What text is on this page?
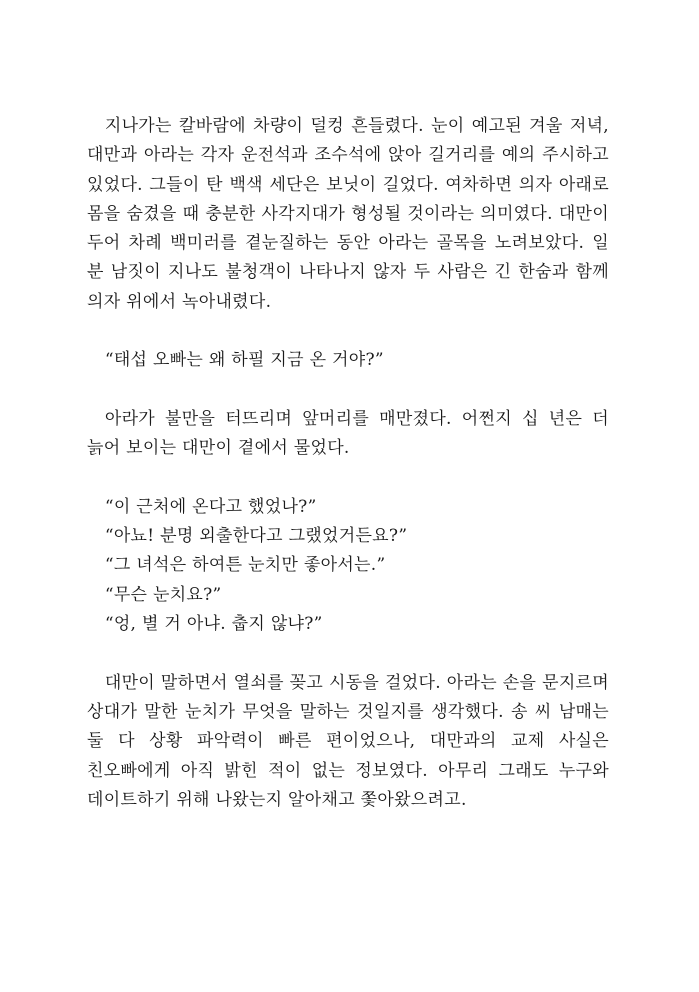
지나가는 칼바람에 차량이 덜컹 흔들렸다. 눈이 예고된 겨울 저녁, 대만과 아라는 각자 운전석과 조수석에 앉아 길거리를 예의 주시하고 있었다. 그들이 탄 백색 세단은 보닛이 길었다. 여차하면 의자 아래로 몸을 숨겼을 때 충분한 사각지대가 형성될 것이라는 의미였다. 대만이 두어 차례 백미러를 곁눈질하는 동안 아라는 골목을 노려보았다. 일 분 남짓이 지나도 불청객이 나타나지 않자 두 사람은 긴 한숨과 함께 의자 위에서 녹아내렸다.

“태섭 오빠는 왜 하필 지금 온 거야?”

아라가 불만을 터뜨리며 앞머리를 매만졌다. 어쩐지 십 년은 더 늙어 보이는 대만이 곁에서 물었다.

“이 근처에 온다고 했었나?”

“아뇨! 분명 외출한다고 그랬었거든요?”

“그 녀석은 하여튼 눈치만 좋아서는.”

“무슨 눈치요?”

“엉, 별 거 아냐. 춥지 않냐?”

대만이 말하면서 열쇠를 꽂고 시동을 걸었다. 아라는 손을 문지르며 상대가 말한 눈치가 무엇을 말하는 것일지를 생각했다. 송 씨 남매는 둘 다 상황 파악력이 빠른 편이었으나, 대만과의 교제 사실은 친오빠에게 아직 밝힌 적이 없는 정보였다. 아무리 그래도 누구와 데이트하기 위해 나왔는지 알아채고 쫓아왔으려고.
